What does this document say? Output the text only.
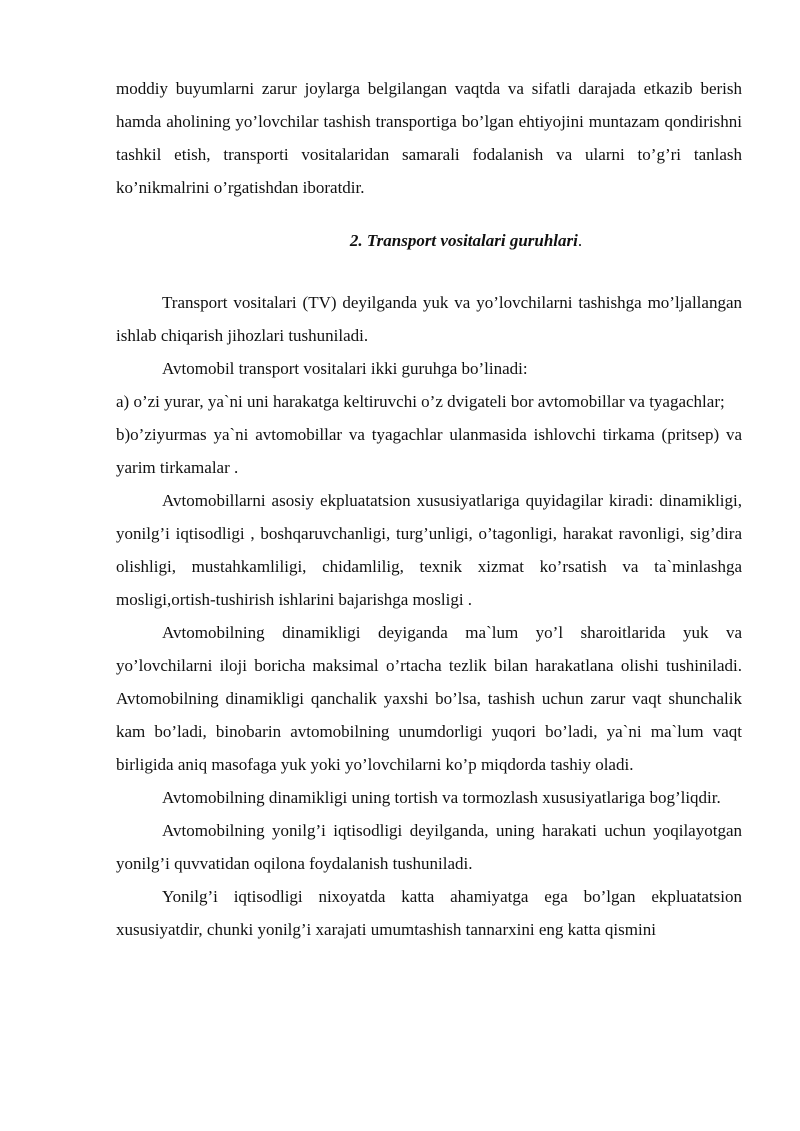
moddiy buyumlarni zarur joylarga belgilangan vaqtda va sifatli darajada etkazib berish hamda aholining yo’lovchilar tashish transportiga bo’lgan ehtiyojini muntazam qondirishni tashkil etish, transporti vositalaridan samarali fodalanish va ularni to’g’ri tanlash ko’nikmalrini o’rgatishdan iboratdir.

2. Transport vositalari guruhlari.

Transport vositalari (TV) deyilganda yuk va yo’lovchilarni tashishga mo’ljallangan ishlab chiqarish jihozlari tushuniladi.

Avtomobil transport vositalari ikki guruhga bo’linadi:

a) o’zi yurar, ya`ni uni harakatga keltiruvchi o’z dvigateli bor avtomobillar va tyagachlar;

b)o’ziyurmas ya`ni avtomobillar va tyagachlar ulanmasida ishlovchi tirkama (pritsep) va yarim tirkamalar .

Avtomobillarni asosiy ekpluatatsion xususiyatlariga quyidagilar kiradi: dinamikligi, yonilg’i iqtisodligi , boshqaruvchanligi, turg’unligi, o’tagonligi, harakat ravonligi, sig’dira olishligi, mustahkamliligi, chidamlilig, texnik xizmat ko’rsatish va ta`minlashga mosligi,ortish-tushirish ishlarini bajarishga mosligi .

Avtomobilning dinamikligi deyiganda ma`lum yo’l sharoitlarida yuk va yo’lovchilarni iloji boricha maksimal o’rtacha tezlik bilan harakatlana olishi tushiniladi. Avtomobilning dinamikligi qanchalik yaxshi bo’lsa, tashish uchun zarur vaqt shunchalik kam bo’ladi, binobarin avtomobilning unumdorligi yuqori bo’ladi, ya`ni ma`lum vaqt birligida aniq masofaga yuk yoki yo’lovchilarni ko’p miqdorda tashiy oladi.

Avtomobilning dinamikligi uning tortish va tormozlash xususiyatlariga bog’liqdir.

Avtomobilning yonilg’i iqtisodligi deyilganda, uning harakati uchun yoqilayotgan yonilg’i quvvatidan oqilona foydalanish tushuniladi.

Yonilg’i iqtisodligi nixoyatda katta ahamiyatga ega bo’lgan ekpluatatsion xususiyatdir, chunki yonilg’i xarajati umumtashish tannarxini eng katta qismini
